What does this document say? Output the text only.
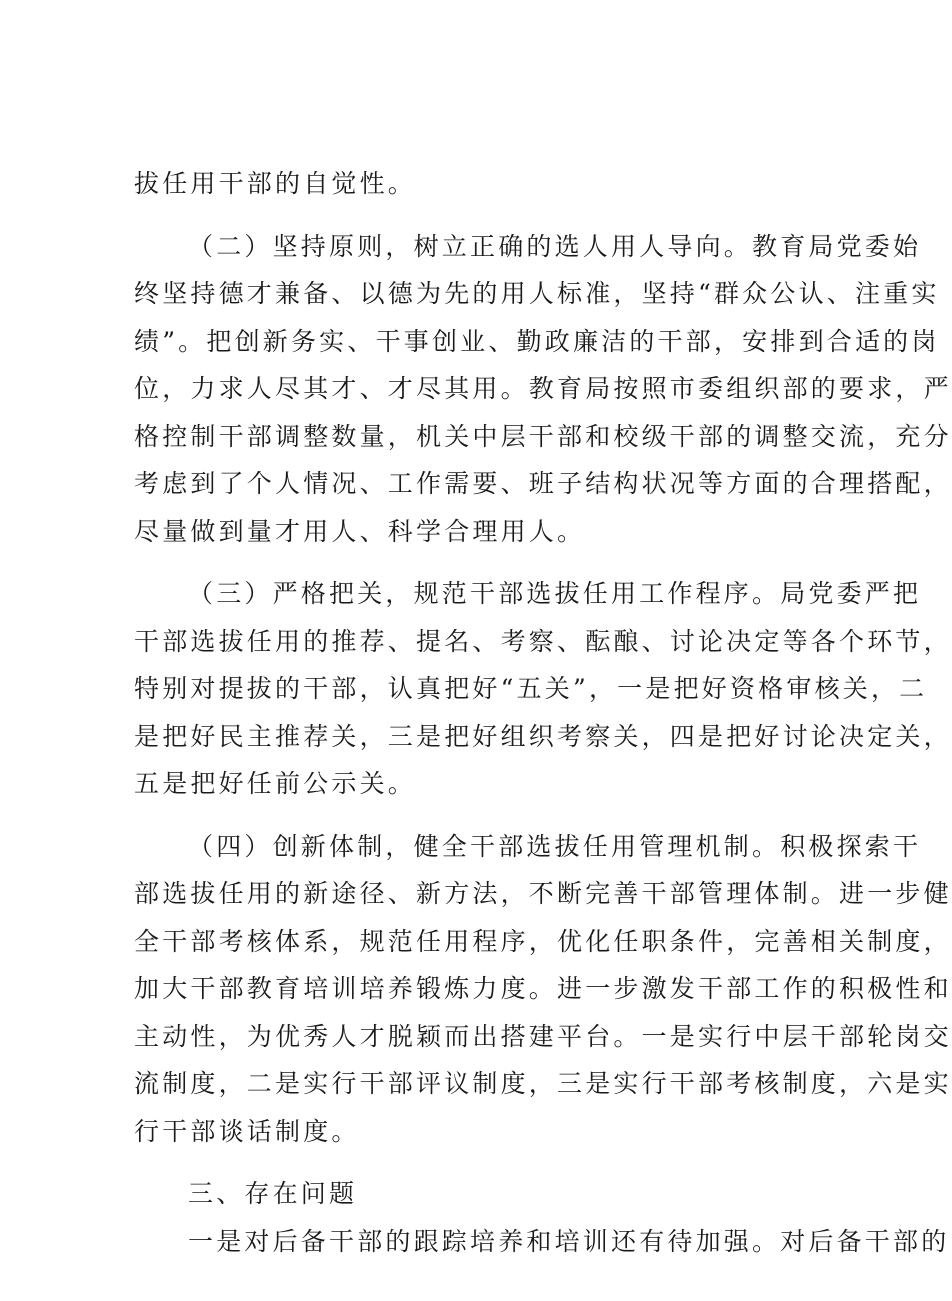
拔任用干部的自觉性。
（二）坚持原则，树立正确的选人用人导向。教育局党委始
终坚持德才兼备、以德为先的用人标准，坚持“群众公认、注重实
绩”。把创新务实、干事创业、勤政廉洁的干部，安排到合适的岗
位，力求人尽其才、才尽其用。教育局按照市委组织部的要求，严
格控制干部调整数量，机关中层干部和校级干部的调整交流，充分
考虑到了个人情况、工作需要、班子结构状况等方面的合理搭配，
尽量做到量才用人、科学合理用人。
（三）严格把关，规范干部选拔任用工作程序。局党委严把
干部选拔任用的推荐、提名、考察、酝酿、讨论决定等各个环节，
特别对提拔的干部，认真把好“五关”，一是把好资格审核关，二
是把好民主推荐关，三是把好组织考察关，四是把好讨论决定关，
五是把好任前公示关。
（四）创新体制，健全干部选拔任用管理机制。积极探索干
部选拔任用的新途径、新方法，不断完善干部管理体制。进一步健
全干部考核体系，规范任用程序，优化任职条件，完善相关制度，
加大干部教育培训培养锻炼力度。进一步激发干部工作的积极性和
主动性，为优秀人才脱颖而出搭建平台。一是实行中层干部轮岗交
流制度，二是实行干部评议制度，三是实行干部考核制度，六是实
行干部谈话制度。
三、存在问题
一是对后备干部的跟踪培养和培训还有待加强。对后备干部的
